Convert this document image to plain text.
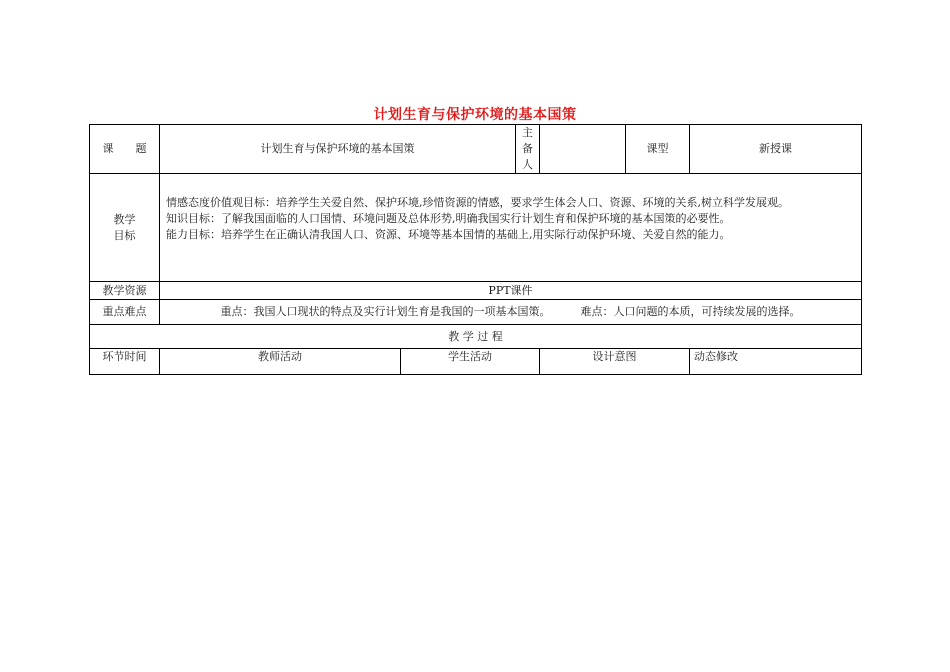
计划生育与保护环境的基本国策
课　　题	计划生育与保护环境的基本国策		主备人		课型	新授课
教学
目标	情感态度价值观目标：培养学生关爱自然、保护环境,珍惜资源的情感，要求学生体会人口、资源、环境的关系,树立科学发展观。
知识目标：了解我国面临的人口国情、环境问题及总体形势,明确我国实行计划生育和保护环境的基本国策的必要性。
能力目标：培养学生在正确认清我国人口、资源、环境等基本国情的基础上,用实际行动保护环境、关爱自然的能力。					

教学资源	PPT课件					
重点难点	重点：我国人口现状的特点及实行计划生育是我国的一项基本国策。 难点：人口问题的本质，可持续发展的选择。					
教 学 过 程						
环节时间	教师活动	学生活动		设计意图		动态修改
